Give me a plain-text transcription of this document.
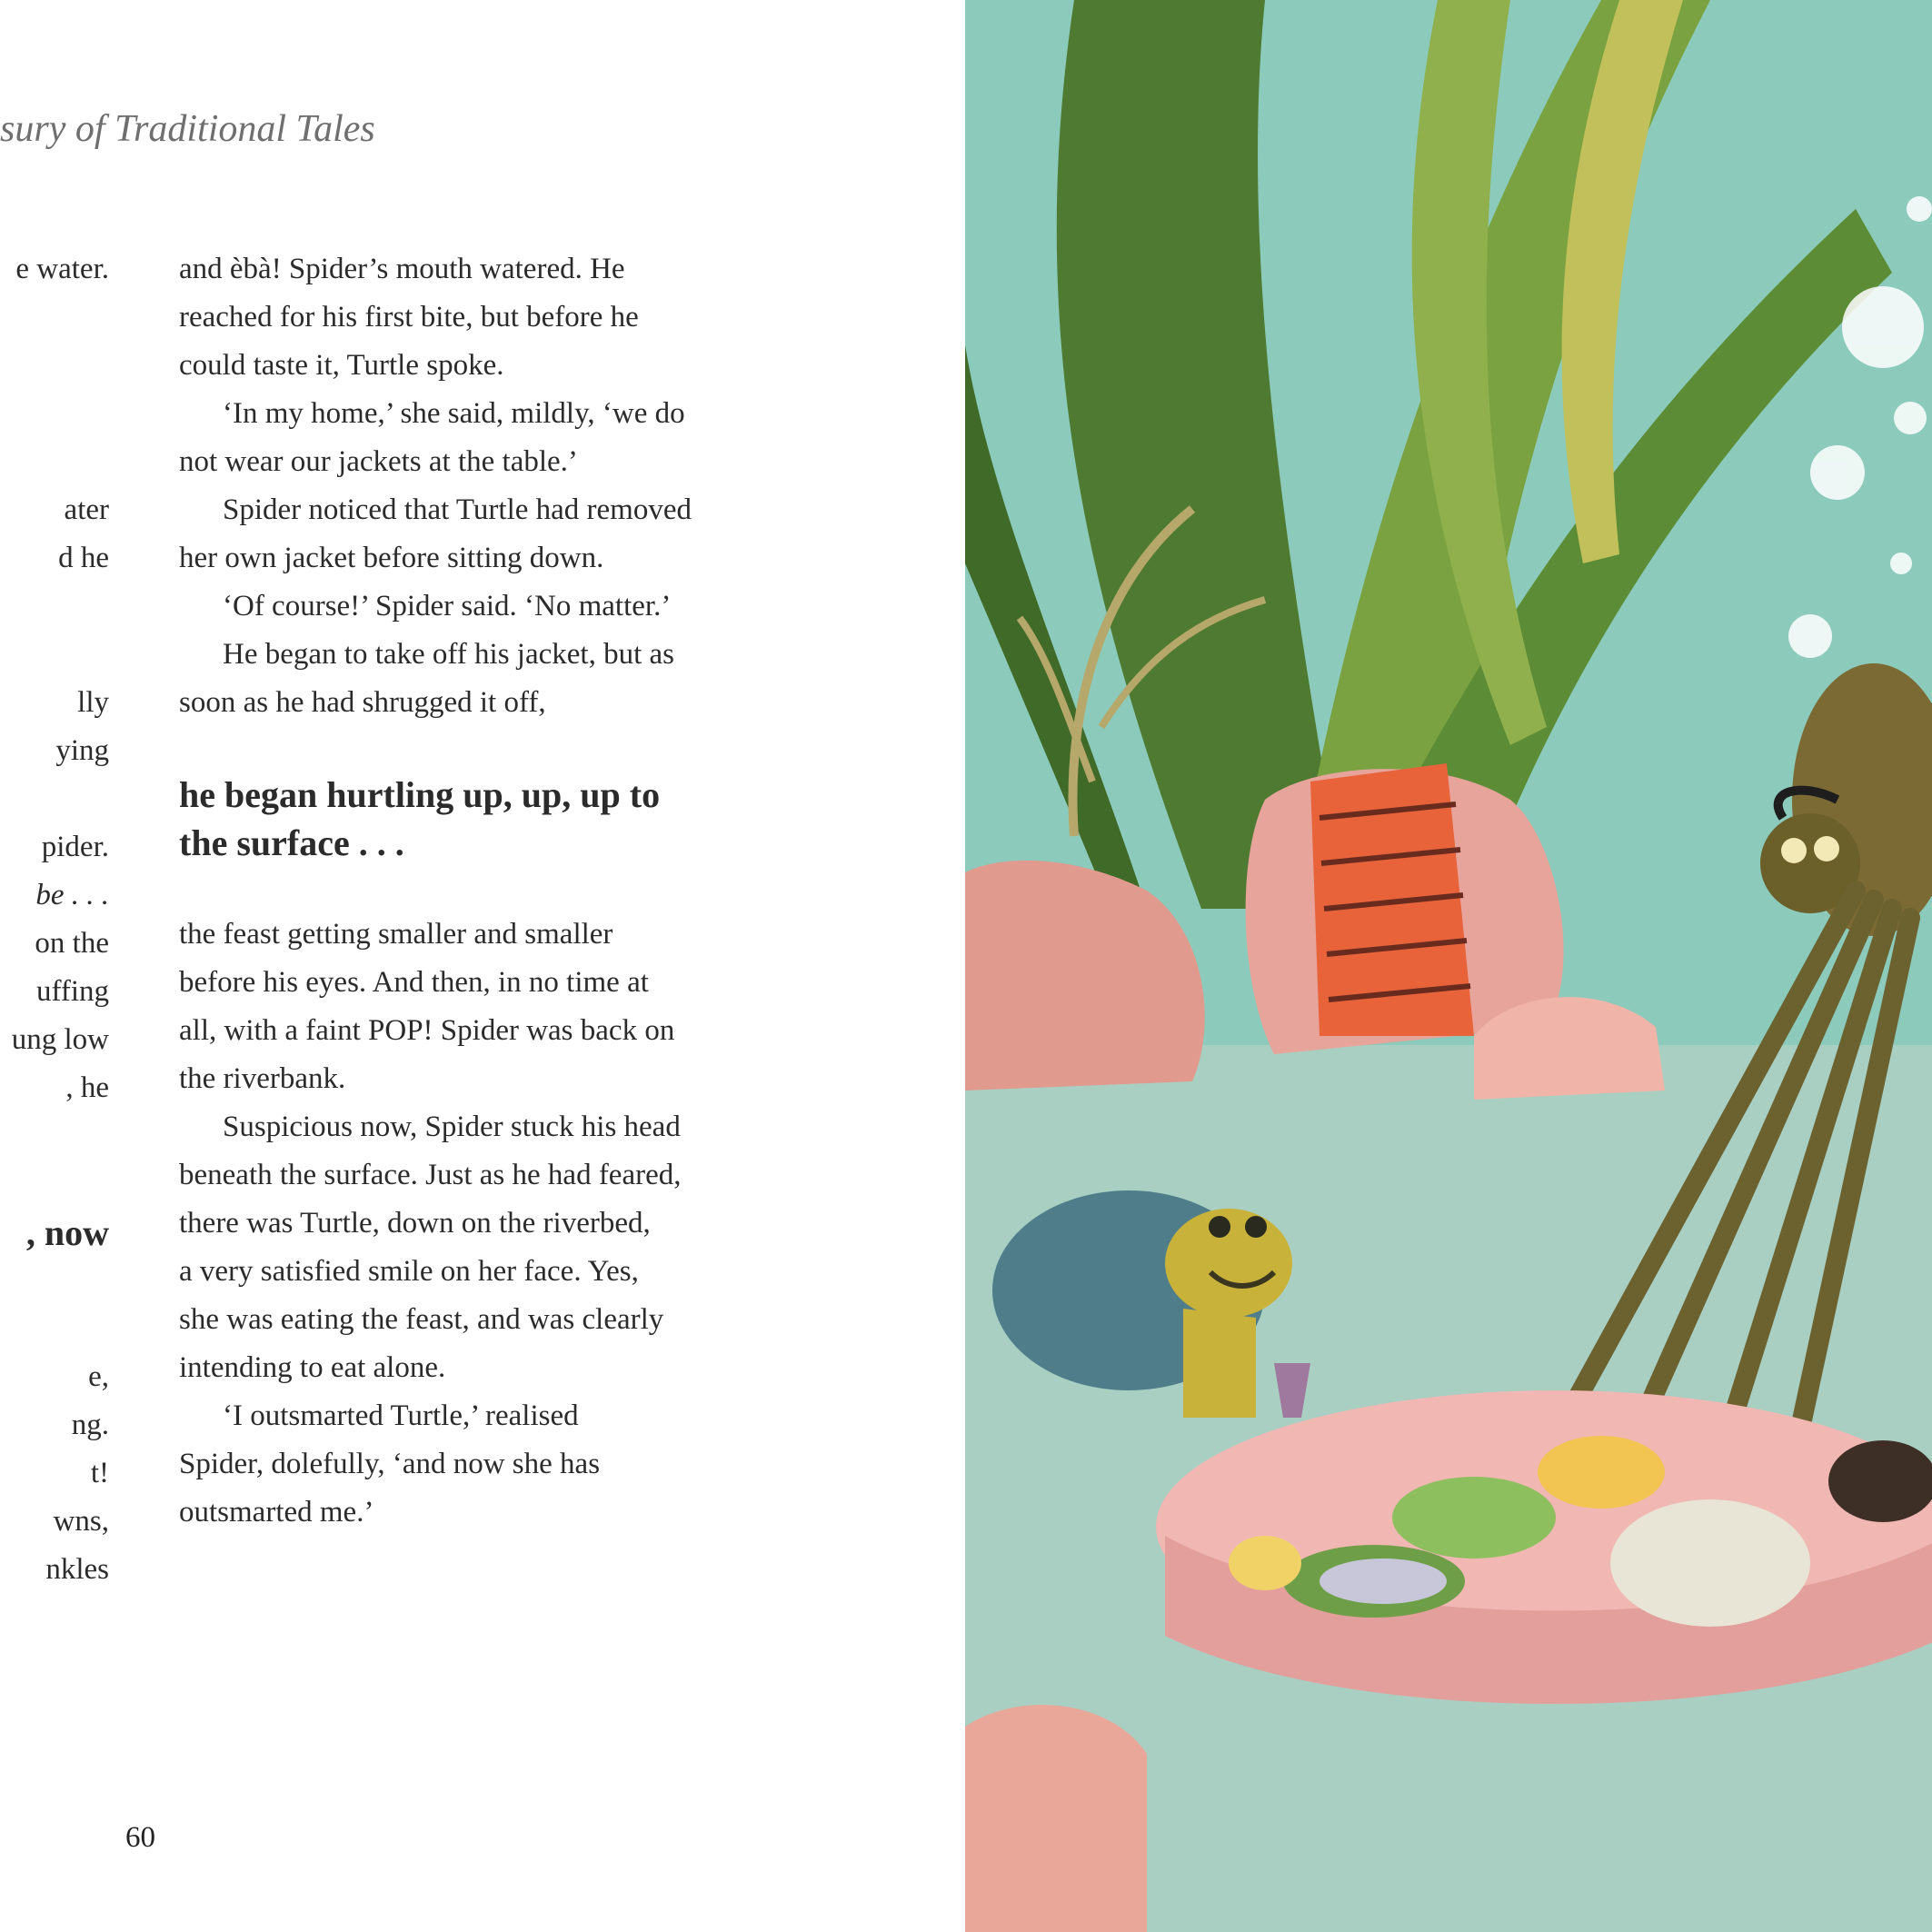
sury of Traditional Tales
e water.
ater
d he
lly
ying
pider.
be . . .
on the
uffing
ung low
, he
, now
e,
ng.
t!
wns,
nkles
and èbà! Spider’s mouth watered. He
reached for his first bite, but before he
could taste it, Turtle spoke.
‘In my home,’ she said, mildly, ‘we do
not wear our jackets at the table.’
Spider noticed that Turtle had removed
her own jacket before sitting down.
‘Of course!’ Spider said. ‘No matter.’
He began to take off his jacket, but as
soon as he had shrugged it off,
he began hurtling up, up, up to
the surface . . .
the feast getting smaller and smaller
before his eyes. And then, in no time at
all, with a faint POP! Spider was back on
the riverbank.
Suspicious now, Spider stuck his head
beneath the surface. Just as he had feared,
there was Turtle, down on the riverbed,
a very satisfied smile on her face. Yes,
she was eating the feast, and was clearly
intending to eat alone.
‘I outsmarted Turtle,’ realised
Spider, dolefully, ‘and now she has
outsmarted me.’
60
